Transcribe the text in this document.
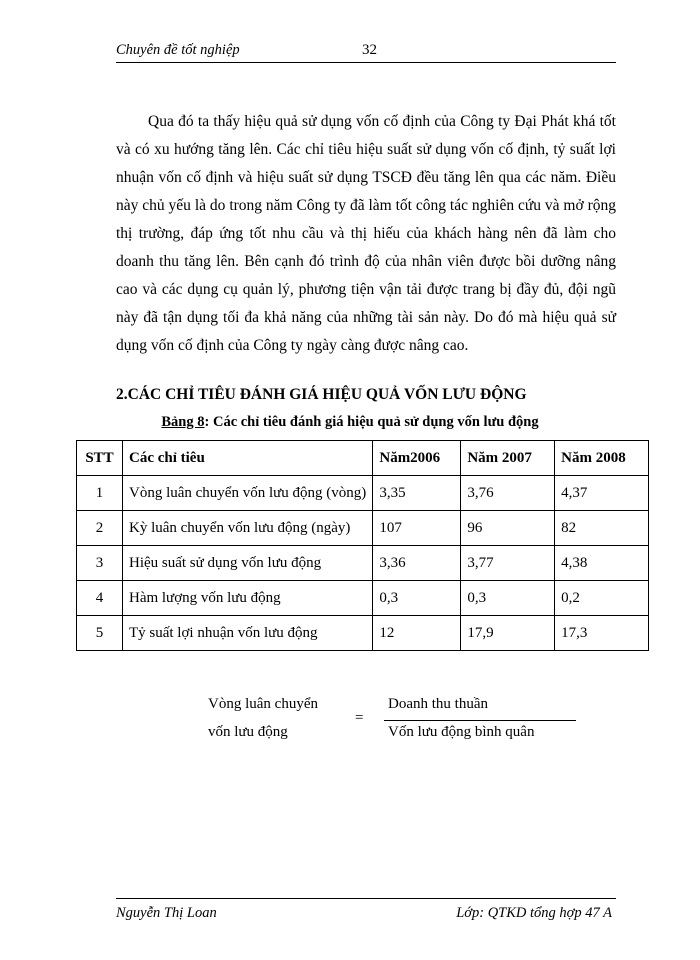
Chuyên đề tốt nghiệp	32

Qua đó ta thấy hiệu quả sử dụng vốn cố định của Công ty Đại Phát khá tốt và có xu hướng tăng lên. Các chỉ tiêu hiệu suất sử dụng vốn cố định, tỷ suất lợi nhuận vốn cố định và hiệu suất sử dụng TSCĐ đều tăng lên qua các năm. Điều này chủ yếu là do trong năm Công ty đã làm tốt công tác nghiên cứu và mở rộng thị trường, đáp ứng tốt nhu cầu và thị hiếu của khách hàng nên đã làm cho doanh thu tăng lên. Bên cạnh đó trình độ của nhân viên được bồi dưỡng nâng cao và các dụng cụ quản lý, phương tiện vận tải được trang bị đầy đủ, đội ngũ này đã tận dụng tối đa khả năng của những tài sản này. Do đó mà hiệu quả sử dụng vốn cố định của Công ty ngày càng được nâng cao.

2.CÁC CHỈ TIÊU ĐÁNH GIÁ HIỆU QUẢ VỐN LƯU ĐỘNG
Bảng 8: Các chỉ tiêu đánh giá hiệu quả sử dụng vốn lưu động
STT	Các chỉ tiêu	Năm2006	Năm 2007	Năm 2008
1	Vòng luân chuyển vốn lưu động (vòng)	3,35	3,76	4,37
2	Kỳ luân chuyển vốn lưu động (ngày)	107	96	82
3	Hiệu suất sử dụng vốn lưu động	3,36	3,77	4,38
4	Hàm lượng vốn lưu động	0,3	0,3	0,2
5	Tỷ suất lợi nhuận vốn lưu động	12	17,9	17,3
Vòng luân chuyển
vốn lưu động
=
Doanh thu thuần
Vốn lưu động bình quân
Nguyễn Thị Loan	Lớp: QTKD tổng hợp 47 A
